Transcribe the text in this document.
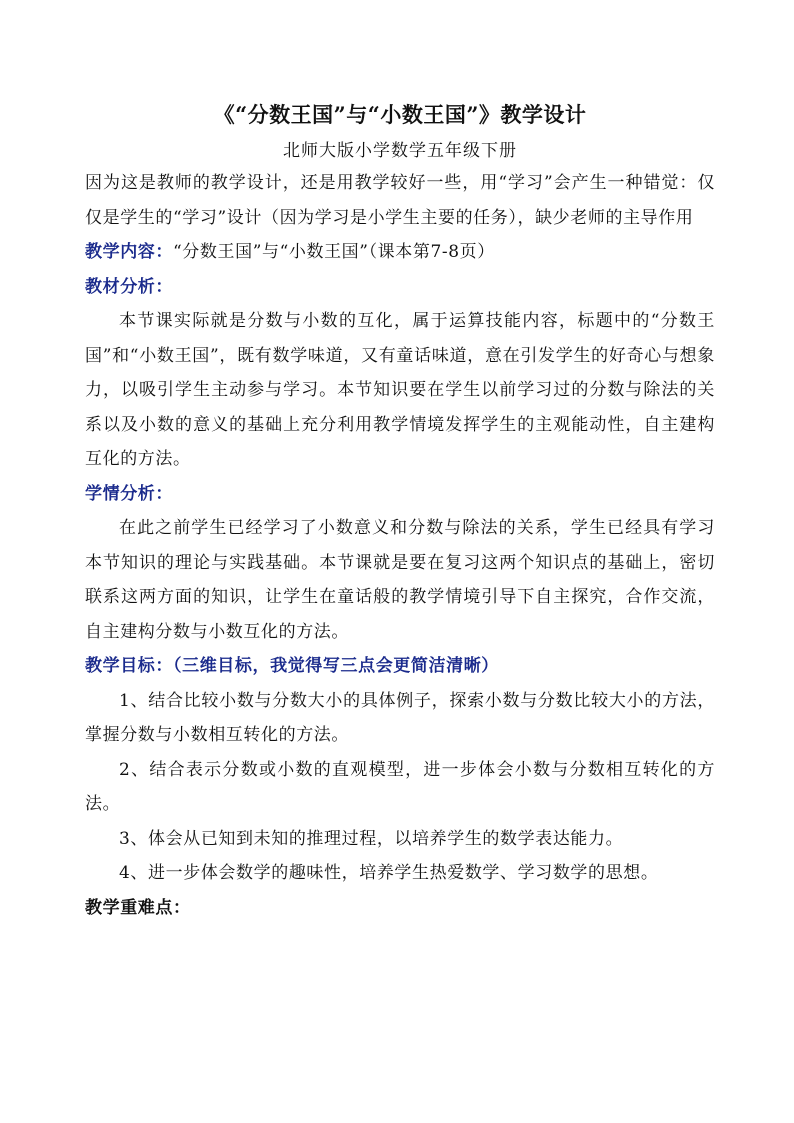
《“分数王国”与“小数王国”》教学设计

北师大版小学数学五年级下册

因为这是教师的教学设计，还是用教学较好一些，用“学习”会产生一种错觉：仅仅是学生的“学习”设计（因为学习是小学生主要的任务），缺少老师的主导作用

教学内容：“分数王国”与“小数王国”（课本第7-8页）

教材分析：

本节课实际就是分数与小数的互化，属于运算技能内容，标题中的“分数王国”和“小数王国”，既有数学味道，又有童话味道，意在引发学生的好奇心与想象力，以吸引学生主动参与学习。本节知识要在学生以前学习过的分数与除法的关系以及小数的意义的基础上充分利用教学情境发挥学生的主观能动性，自主建构互化的方法。

学情分析：

在此之前学生已经学习了小数意义和分数与除法的关系，学生已经具有学习本节知识的理论与实践基础。本节课就是要在复习这两个知识点的基础上，密切联系这两方面的知识，让学生在童话般的教学情境引导下自主探究，合作交流，自主建构分数与小数互化的方法。

教学目标：（三维目标，我觉得写三点会更简洁清晰）

1、结合比较小数与分数大小的具体例子，探索小数与分数比较大小的方法，掌握分数与小数相互转化的方法。

2、结合表示分数或小数的直观模型，进一步体会小数与分数相互转化的方法。

3、体会从已知到未知的推理过程，以培养学生的数学表达能力。

4、进一步体会数学的趣味性，培养学生热爱数学、学习数学的思想。

教学重难点：
